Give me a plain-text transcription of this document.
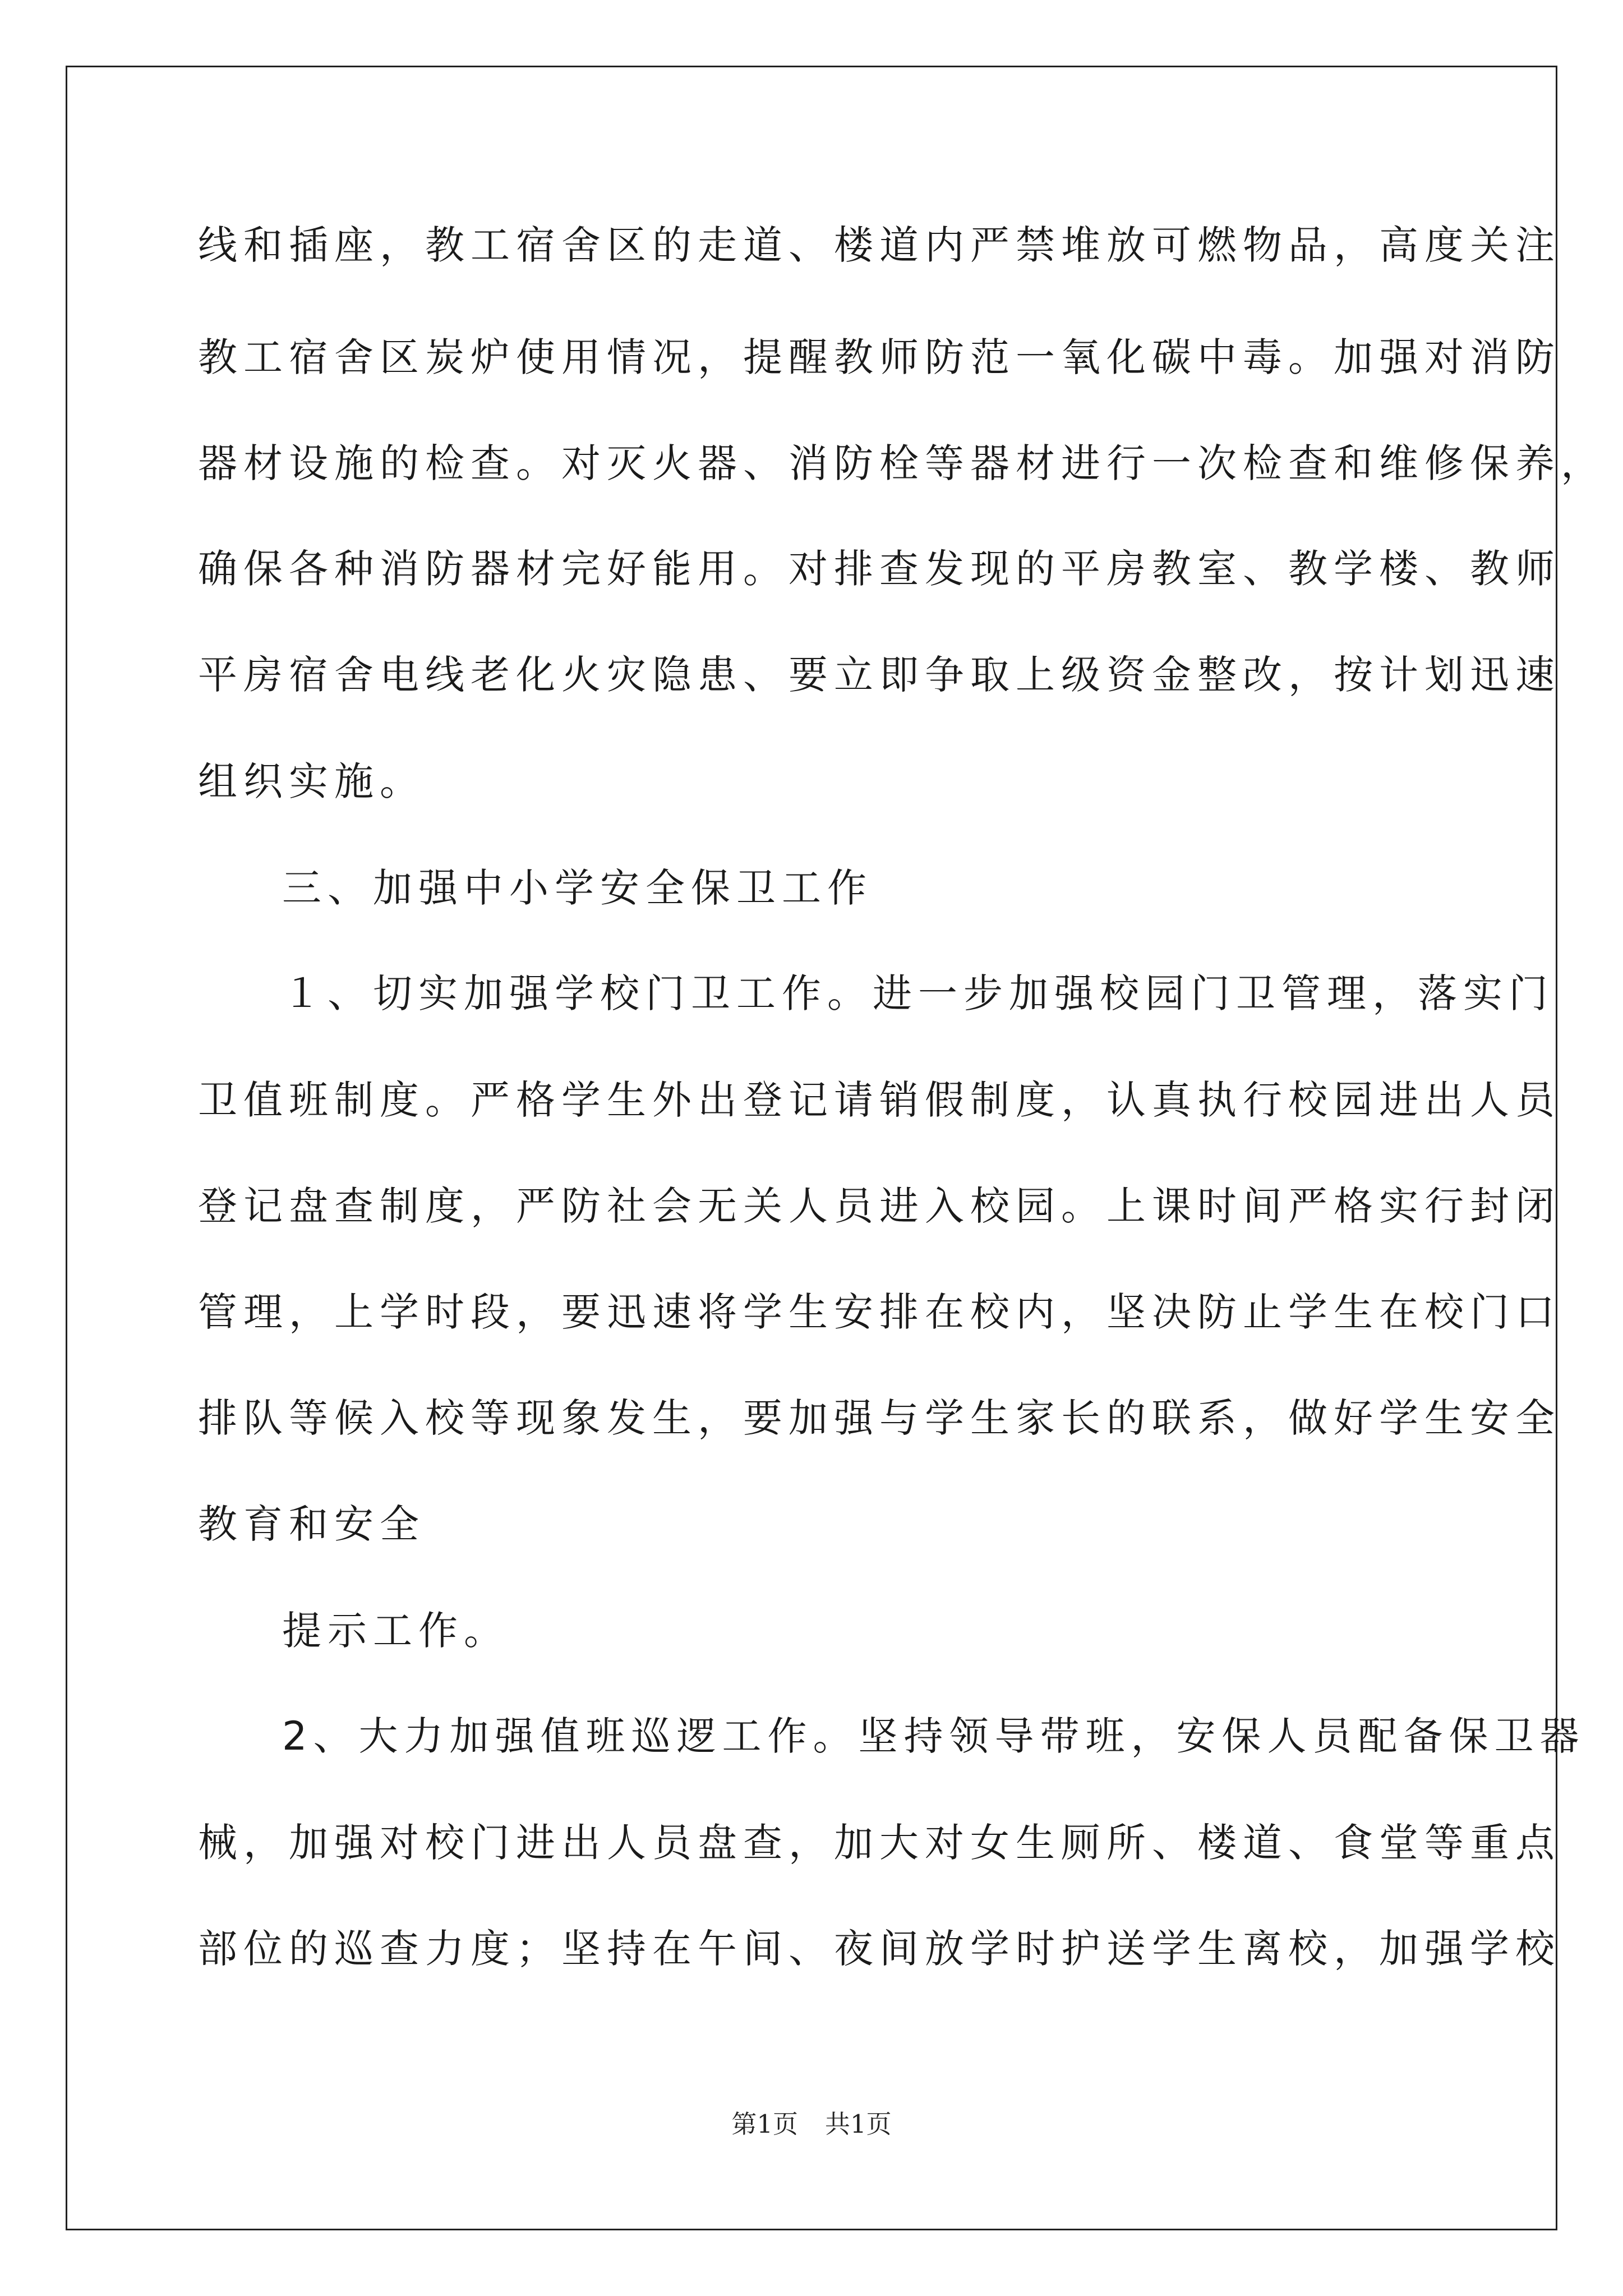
线和插座，教工宿舍区的走道、楼道内严禁堆放可燃物品，高度关注
教工宿舍区炭炉使用情况，提醒教师防范一氧化碳中毒。加强对消防
器材设施的检查。对灭火器、消防栓等器材进行一次检查和维修保养，
确保各种消防器材完好能用。对排查发现的平房教室、教学楼、教师
平房宿舍电线老化火灾隐患、要立即争取上级资金整改，按计划迅速
组织实施。
三、加强中小学安全保卫工作
１、切实加强学校门卫工作。进一步加强校园门卫管理，落实门
卫值班制度。严格学生外出登记请销假制度，认真执行校园进出人员
登记盘查制度，严防社会无关人员进入校园。上课时间严格实行封闭
管理，上学时段，要迅速将学生安排在校内，坚决防止学生在校门口
排队等候入校等现象发生，要加强与学生家长的联系，做好学生安全
教育和安全
提示工作。
2、大力加强值班巡逻工作。坚持领导带班，安保人员配备保卫器
械，加强对校门进出人员盘查，加大对女生厕所、楼道、食堂等重点
部位的巡查力度；坚持在午间、夜间放学时护送学生离校，加强学校
第1页 共1页
